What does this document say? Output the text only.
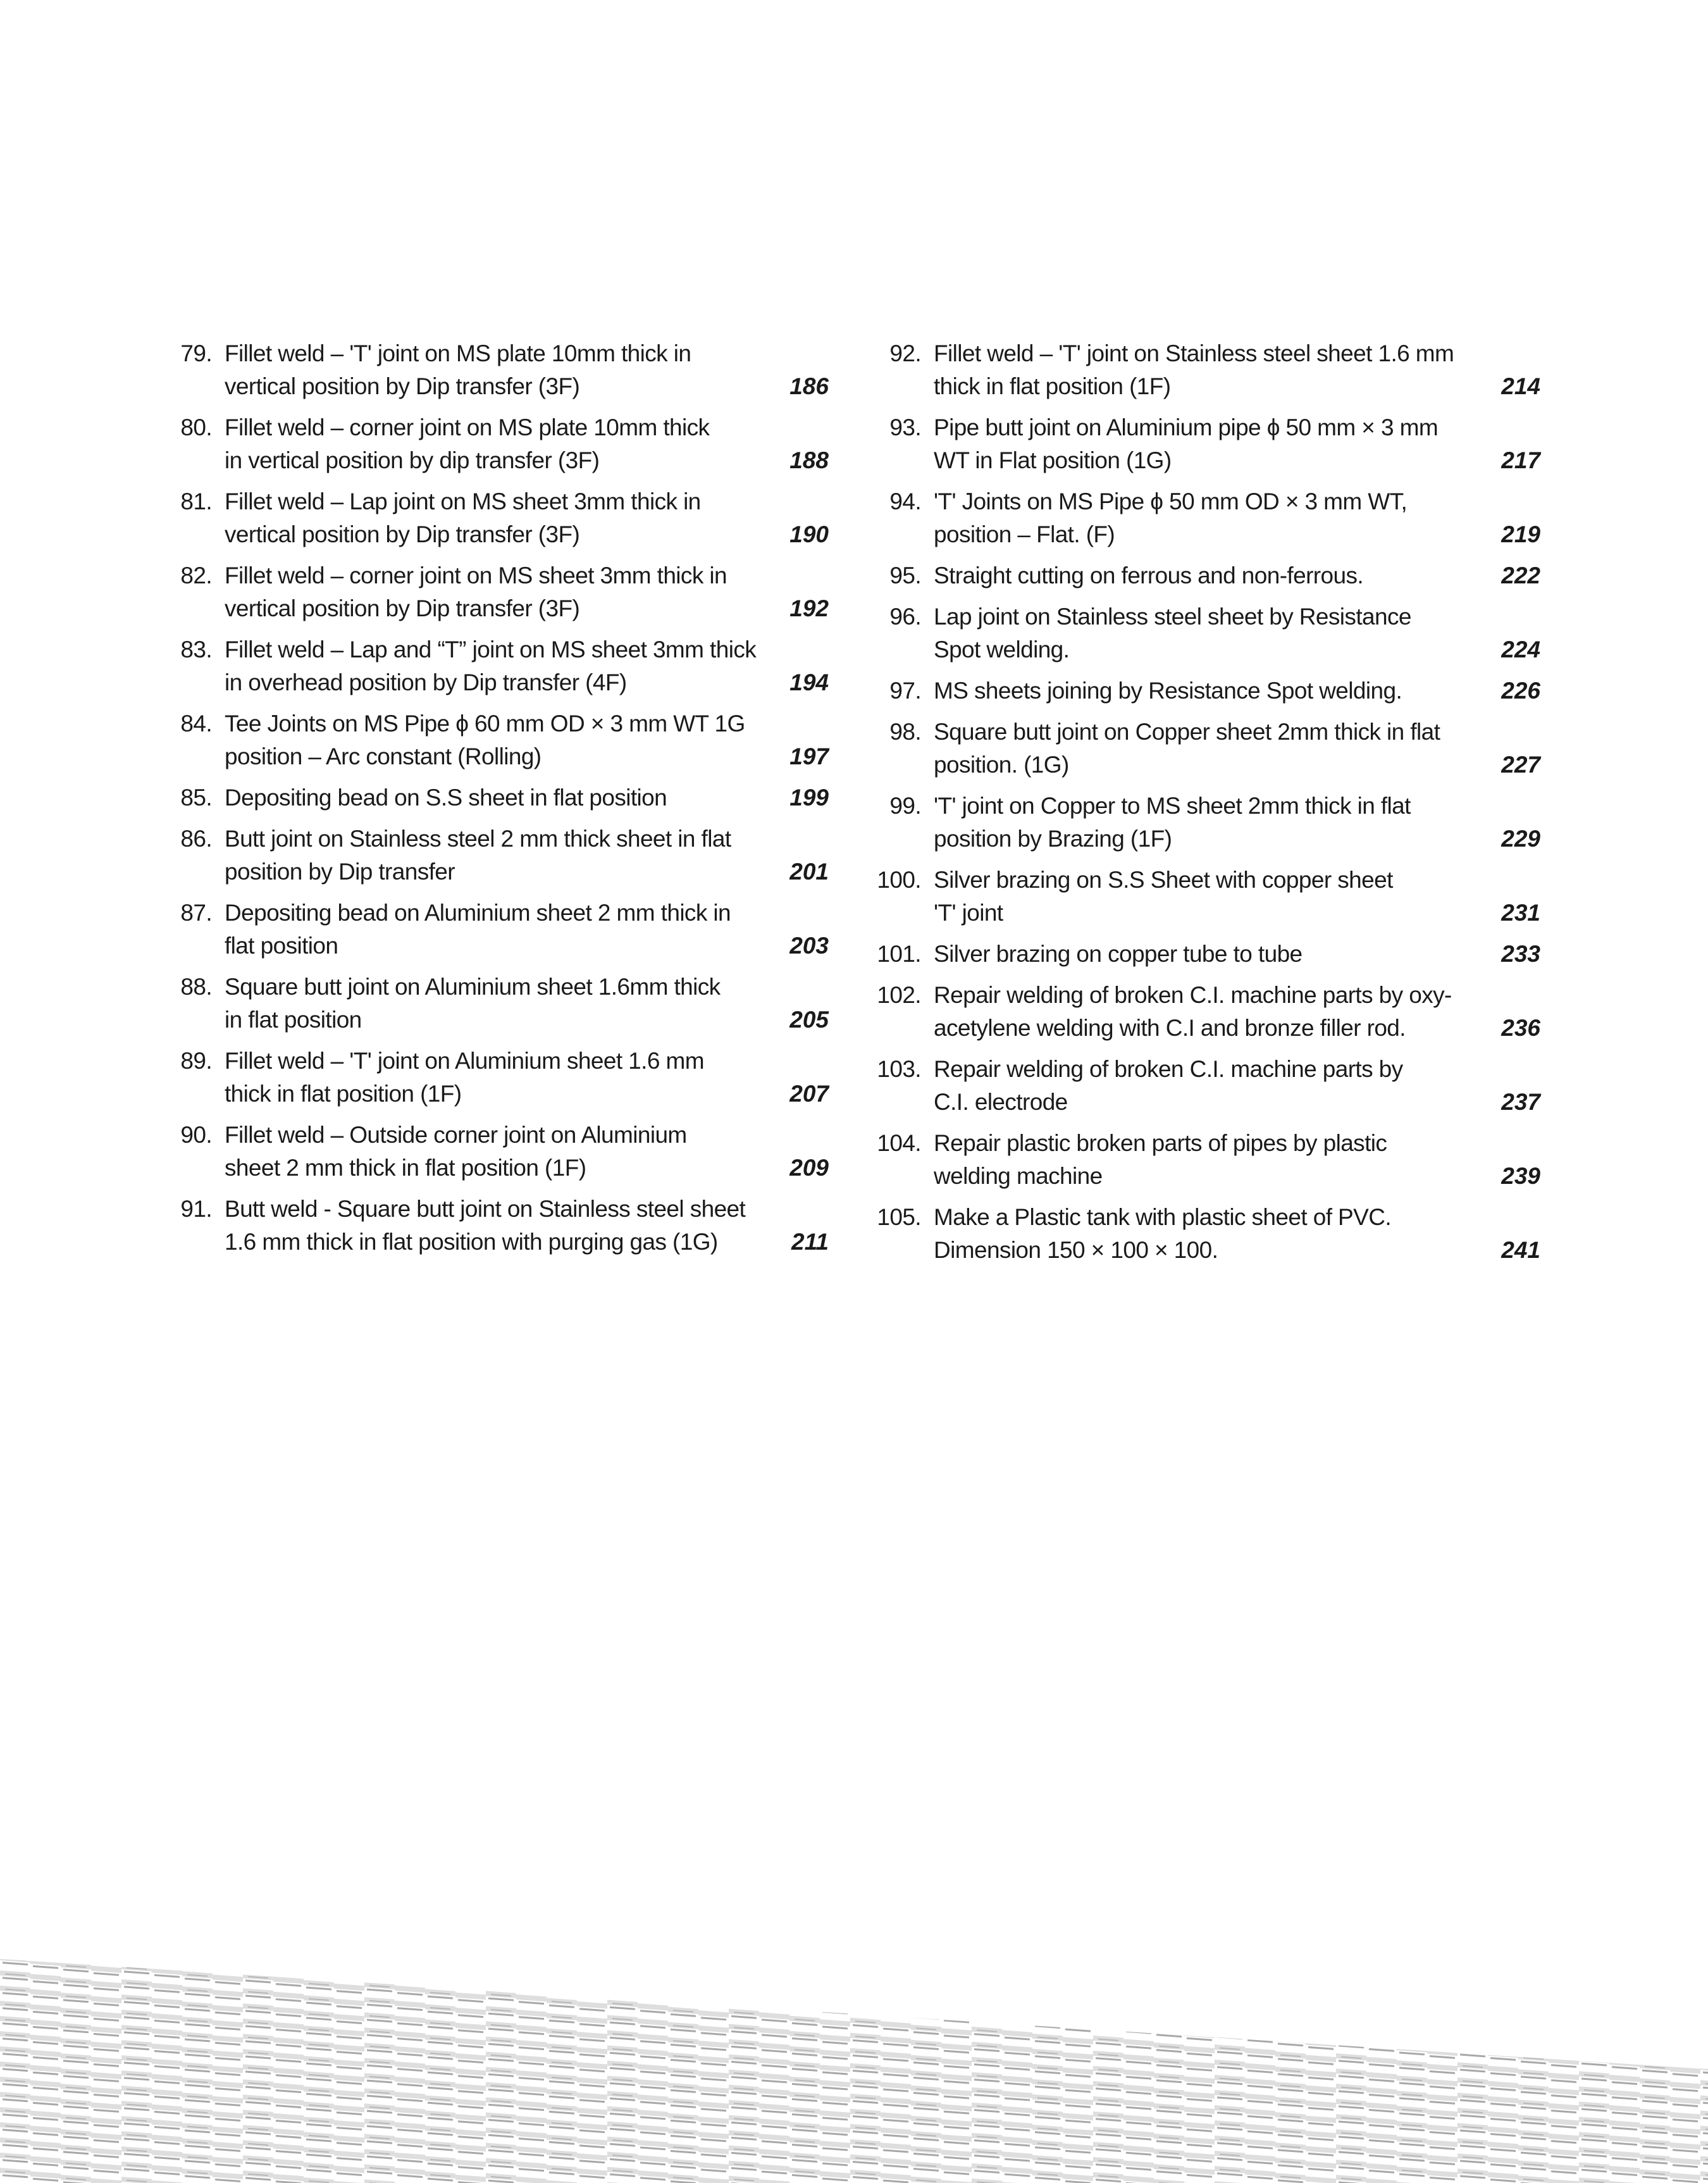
79. Fillet weld – 'T' joint on MS plate 10mm thick in
vertical position by Dip transfer (3F)	186
80. Fillet weld – corner joint on MS plate 10mm thick
in vertical position by dip transfer (3F)	188
81. Fillet weld – Lap joint on MS sheet 3mm thick in
vertical position by Dip transfer (3F)	190
82. Fillet weld – corner joint on MS sheet 3mm thick in
vertical position by Dip transfer (3F)	192
83. Fillet weld – Lap and “T” joint on MS sheet 3mm thick
in overhead position by Dip transfer (4F)	194
84. Tee Joints on MS Pipe ϕ 60 mm OD × 3 mm WT 1G
position – Arc constant (Rolling)	197
85. Depositing bead on S.S sheet in flat position	199
86. Butt joint on Stainless steel 2 mm thick sheet in flat
position by Dip transfer	201
87. Depositing bead on Aluminium sheet 2 mm thick in
flat position	203
88. Square butt joint on Aluminium sheet 1.6mm thick
in flat position	205
89. Fillet weld – 'T' joint on Aluminium sheet 1.6 mm
thick in flat position (1F)	207
90. Fillet weld – Outside corner joint on Aluminium
sheet 2 mm thick in flat position (1F)	209
91. Butt weld - Square butt joint on Stainless steel sheet
1.6 mm thick in flat position with purging gas (1G)	211
92. Fillet weld – 'T' joint on Stainless steel sheet 1.6 mm
thick in flat position (1F)	214
93. Pipe butt joint on Aluminium pipe ϕ 50 mm × 3 mm
WT in Flat position (1G)	217
94. 'T' Joints on MS Pipe ϕ 50 mm OD × 3 mm WT,
position – Flat. (F)	219
95. Straight cutting on ferrous and non-ferrous.	222
96. Lap joint on Stainless steel sheet by Resistance
Spot welding.	224
97. MS sheets joining by Resistance Spot welding.	226
98. Square butt joint on Copper sheet 2mm thick in flat
position. (1G)	227
99. 'T' joint on Copper to MS sheet 2mm thick in flat
position by Brazing (1F)	229
100. Silver brazing on S.S Sheet with copper sheet
'T' joint	231
101. Silver brazing on copper tube to tube	233
102. Repair welding of broken C.I. machine parts by oxy-
acetylene welding with C.I and bronze filler rod.	236
103. Repair welding of broken C.I. machine parts by
C.I. electrode	237
104. Repair plastic broken parts of pipes by plastic
welding machine	239
105. Make a Plastic tank with plastic sheet of PVC.
Dimension 150 × 100 × 100.	241
